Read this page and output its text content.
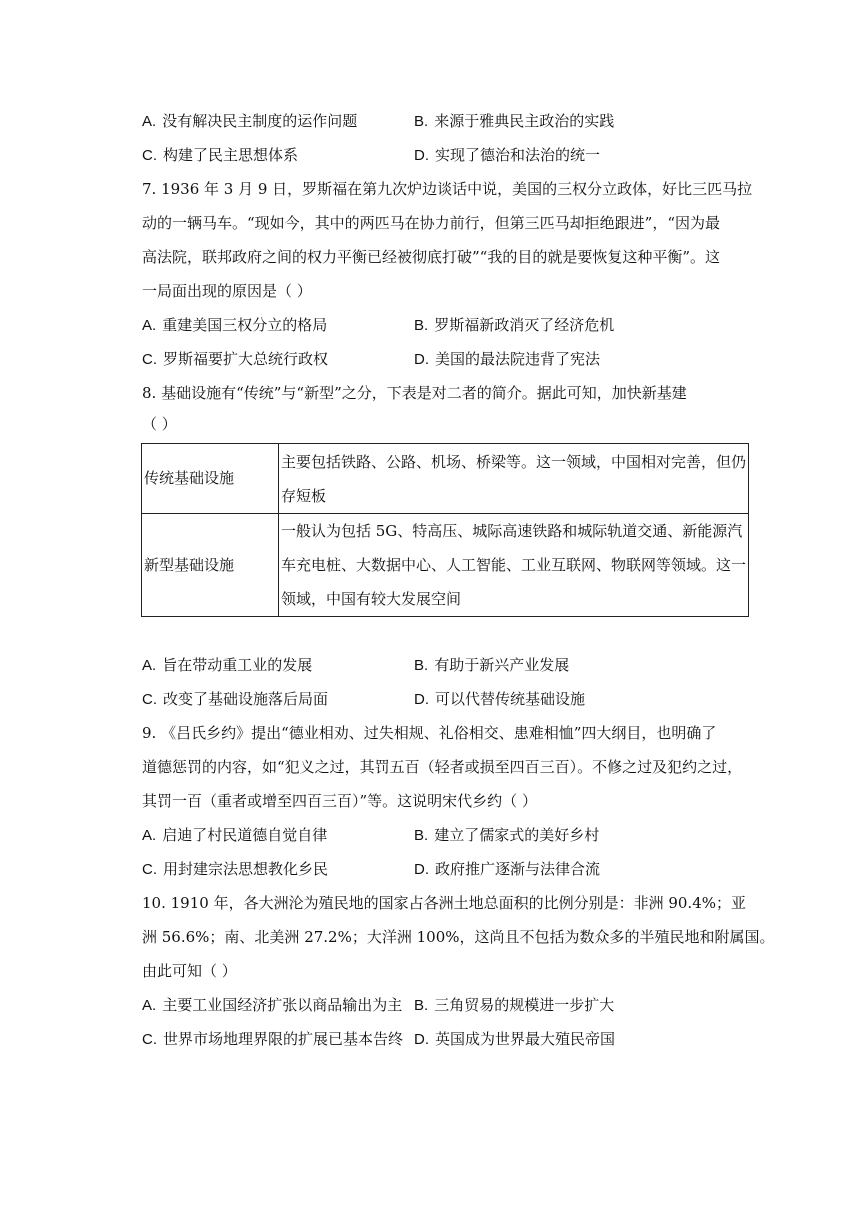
A. 没有解决民主制度的运作问题	B. 来源于雅典民主政治的实践
C. 构建了民主思想体系	D. 实现了德治和法治的统一
7. 1936 年 3 月 9 日，罗斯福在第九次炉边谈话中说，美国的三权分立政体，好比三匹马拉
动的一辆马车。“现如今，其中的两匹马在协力前行，但第三匹马却拒绝跟进”，“因为最
高法院，联邦政府之间的权力平衡已经被彻底打破”“我的目的就是要恢复这种平衡”。这
一局面出现的原因是（ ）
A. 重建美国三权分立的格局	B. 罗斯福新政消灭了经济危机
C. 罗斯福要扩大总统行政权	D. 美国的最法院违背了宪法
8. 基础设施有“传统”与“新型”之分，下表是对二者的简介。据此可知，加快新基建
（ ）
传统基础设施	主要包括铁路、公路、机场、桥梁等。这一领域，中国相对完善，但仍
存短板

新型基础设施	一般认为包括 5G、特高压、城际高速铁路和城际轨道交通、新能源汽
车充电桩、大数据中心、人工智能、工业互联网、物联网等领域。这一
领域，中国有较大发展空间
A. 旨在带动重工业的发展	B. 有助于新兴产业发展
C. 改变了基础设施落后局面	D. 可以代替传统基础设施
9. 《吕氏乡约》提出“德业相劝、过失相规、礼俗相交、患难相恤”四大纲目，也明确了
道德惩罚的内容，如“犯义之过，其罚五百（轻者或损至四百三百）。不修之过及犯约之过，
其罚一百（重者或增至四百三百）”等。这说明宋代乡约（ ）
A. 启迪了村民道德自觉自律	B. 建立了儒家式的美好乡村
C. 用封建宗法思想教化乡民	D. 政府推广逐渐与法律合流
10. 1910 年，各大洲沦为殖民地的国家占各洲土地总面积的比例分别是：非洲 90.4%；亚
洲 56.6%；南、北美洲 27.2%；大洋洲 100%，这尚且不包括为数众多的半殖民地和附属国。
由此可知（ ）
A. 主要工业国经济扩张以商品输出为主 B. 三角贸易的规模进一步扩大
C. 世界市场地理界限的扩展已基本告终 D. 英国成为世界最大殖民帝国
